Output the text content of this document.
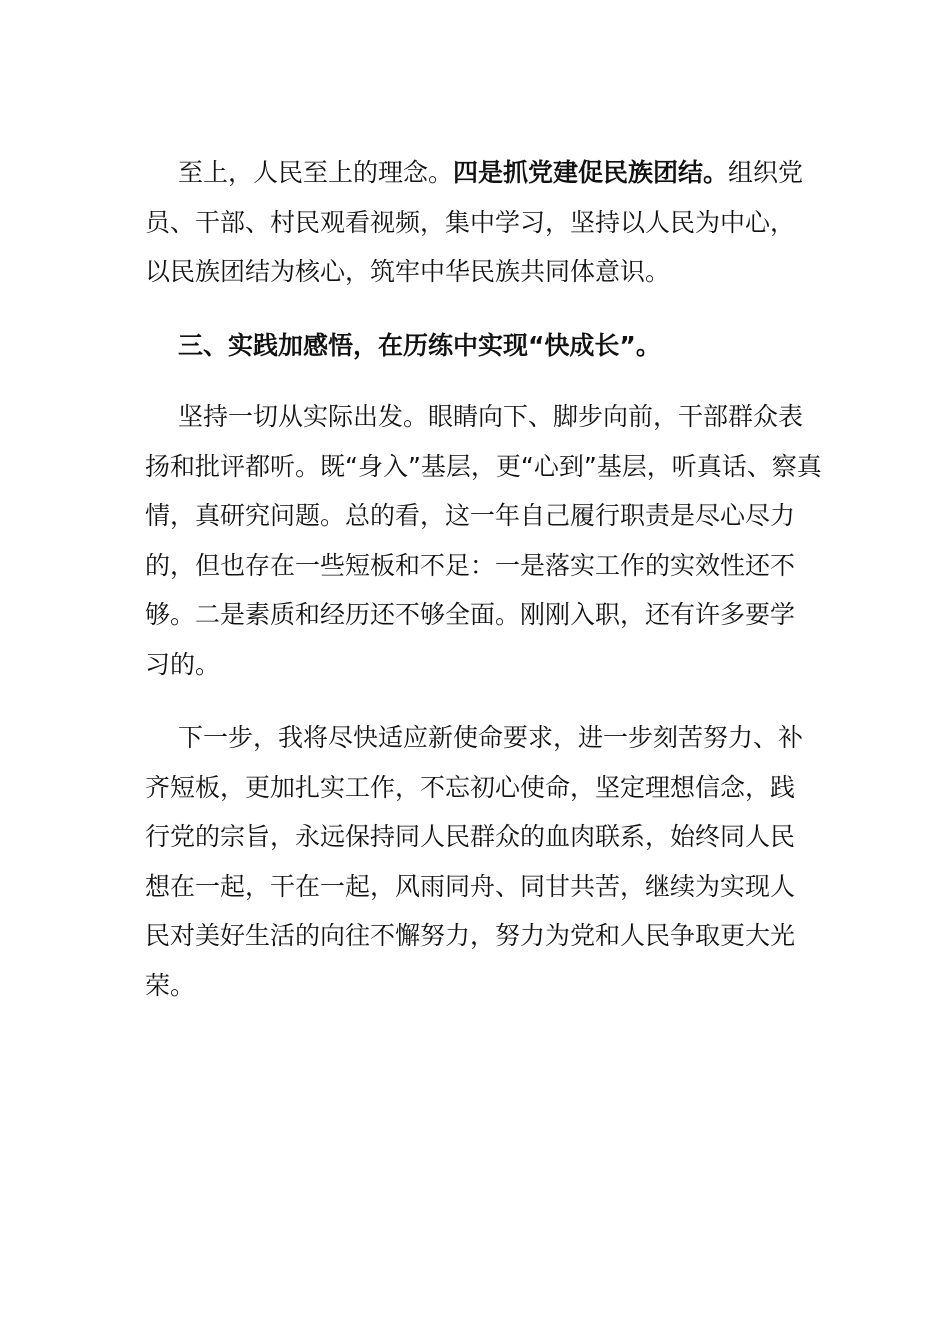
至上，人民至上的理念。四是抓党建促民族团结。组织党
员、干部、村民观看视频，集中学习，坚持以人民为中心，
以民族团结为核心，筑牢中华民族共同体意识。
三、实践加感悟，在历练中实现“快成长”。
坚持一切从实际出发。眼睛向下、脚步向前，干部群众表
扬和批评都听。既“身入”基层，更“心到”基层，听真话、察真
情，真研究问题。总的看，这一年自己履行职责是尽心尽力
的，但也存在一些短板和不足：一是落实工作的实效性还不
够。二是素质和经历还不够全面。刚刚入职，还有许多要学
习的。
下一步，我将尽快适应新使命要求，进一步刻苦努力、补
齐短板，更加扎实工作，不忘初心使命，坚定理想信念，践
行党的宗旨，永远保持同人民群众的血肉联系，始终同人民
想在一起，干在一起，风雨同舟、同甘共苦，继续为实现人
民对美好生活的向往不懈努力，努力为党和人民争取更大光
荣。
